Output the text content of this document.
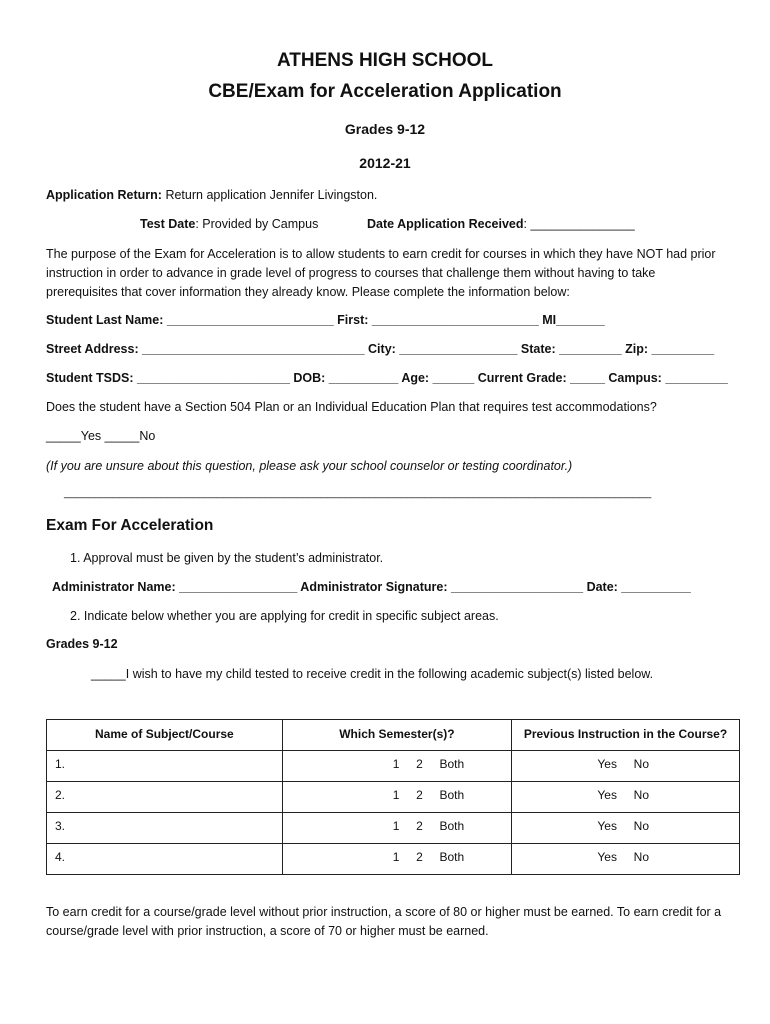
ATHENS HIGH SCHOOL
CBE/Exam for Acceleration Application
Grades 9-12
2012-21
Application Return: Return application Jennifer Livingston.
Test Date: Provided by Campus	Date Application Received: _______________
The purpose of the Exam for Acceleration is to allow students to earn credit for courses in which they have NOT had prior instruction in order to advance in grade level of progress to courses that challenge them without having to take prerequisites that cover information they already know. Please complete the information below:
Student Last Name: ________________________ First: ________________________ MI_______
Street Address: ________________________________ City: _________________ State: _________ Zip: _________
Student TSDS: ______________________ DOB: __________ Age: ______ Current Grade: _____ Campus: _________
Does the student have a Section 504 Plan or an Individual Education Plan that requires test accommodations?
_____Yes _____No
(If you are unsure about this question, please ask your school counselor or testing coordinator.)
________________________________________________________________________________________________
Exam For Acceleration
1. Approval must be given by the student’s administrator.
Administrator Name: _________________ Administrator Signature: ___________________ Date: __________
2. Indicate below whether you are applying for credit in specific subject areas.
Grades 9-12
_____I wish to have my child tested to receive credit in the following academic subject(s) listed below.
Name of Subject/Course	Which Semester(s)?	Previous Instruction in the Course?
1.	1 2 Both	Yes No

2.	1 2 Both	Yes No

3.	1 2 Both	Yes No

4.	1 2 Both	Yes No
To earn credit for a course/grade level without prior instruction, a score of 80 or higher must be earned. To earn credit for a course/grade level with prior instruction, a score of 70 or higher must be earned.
